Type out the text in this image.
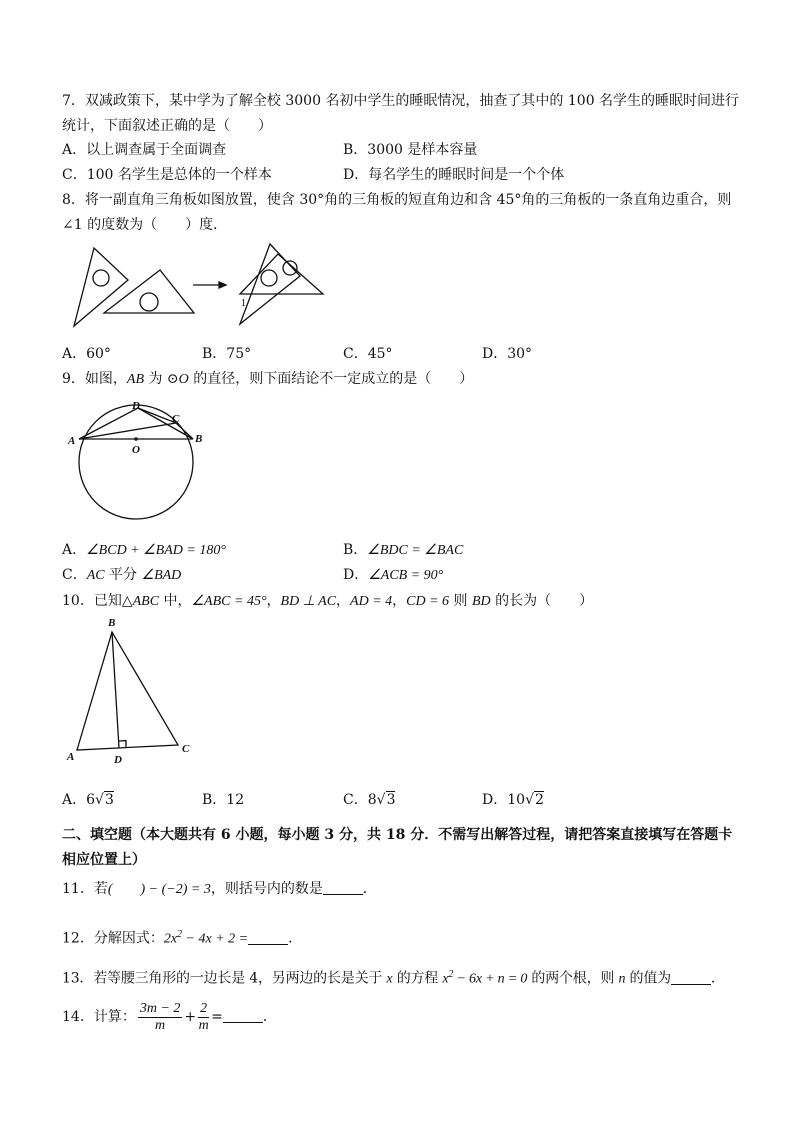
7．双减政策下，某中学为了解全校 3000 名初中学生的睡眠情况，抽查了其中的 100 名学生的睡眠时间进行
统计，下面叙述正确的是（　　）
A．以上调查属于全面调查	B．3000 是样本容量
C．100 名学生是总体的一个样本	D．每名学生的睡眠时间是一个个体
8．将一副直角三角板如图放置，使含 30°角的三角板的短直角边和含 45°角的三角板的一条直角边重合，则
∠1 的度数为（　　）度．
1
A．60°	B．75°	C．45°	D．30°
9．如图，AB 为 ⊙O 的直径，则下面结论不一定成立的是（　　）
A	B
C
D
O
A．∠BCD + ∠BAD = 180°	B．∠BDC = ∠BAC
C．AC 平分 ∠BAD	D．∠ACB = 90°
10．已知△ABC 中，∠ABC = 45°，BD ⊥ AC，AD = 4，CD = 6 则 BD 的长为（　　）
A
B
C
D
A．6√3	B．12	C．8√3	D．10√2
二、填空题（本大题共有 6 小题，每小题 3 分，共 18 分．不需写出解答过程，请把答案直接填写在答题卡
相应位置上）
11．若(　　) − (−2) = 3，则括号内的数是	．
12．分解因式：$2x^2 - 4x + 2$ =	．
13．若等腰三角形的一边长是 4，另两边的长是关于 x 的方程 $x^2 - 6x + n = 0$ 的两个根，则 n 的值为	．
14．计算： $\frac{3m - 2}{m} + \frac{2}{m}$ =	．
